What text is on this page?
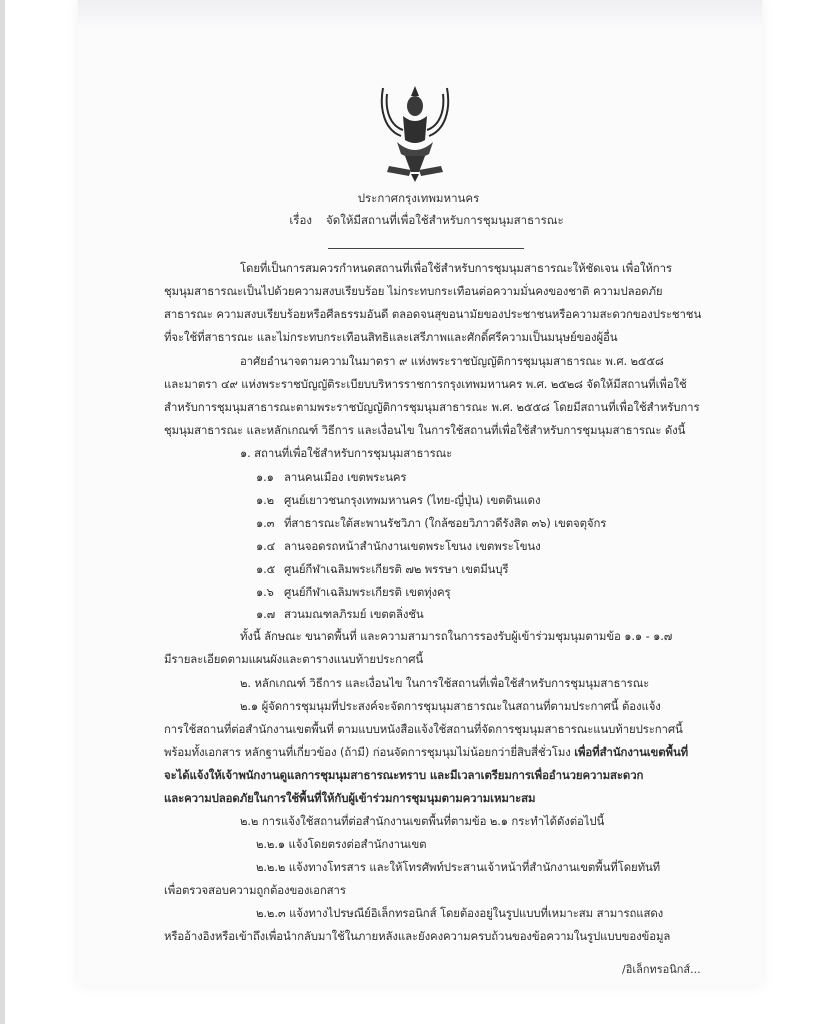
ประกาศกรุงเทพมหานคร
เรื่อง จัดให้มีสถานที่เพื่อใช้สำหรับการชุมนุมสาธารณะ
โดยที่เป็นการสมควรกำหนดสถานที่เพื่อใช้สำหรับการชุมนุมสาธารณะให้ชัดเจน เพื่อให้การ
ชุมนุมสาธารณะเป็นไปด้วยความสงบเรียบร้อย ไม่กระทบกระเทือนต่อความมั่นคงของชาติ ความปลอดภัย
สาธารณะ ความสงบเรียบร้อยหรือศีลธรรมอันดี ตลอดจนสุขอนามัยของประชาชนหรือความสะดวกของประชาชน
ที่จะใช้ที่สาธารณะ และไม่กระทบกระเทือนสิทธิและเสรีภาพและศักดิ์ศรีความเป็นมนุษย์ของผู้อื่น
อาศัยอำนาจตามความในมาตรา ๙ แห่งพระราชบัญญัติการชุมนุมสาธารณะ พ.ศ. ๒๕๕๘
และมาตรา ๔๙ แห่งพระราชบัญญัติระเบียบบริหารราชการกรุงเทพมหานคร พ.ศ. ๒๕๒๘ จัดให้มีสถานที่เพื่อใช้
สำหรับการชุมนุมสาธารณะตามพระราชบัญญัติการชุมนุมสาธารณะ พ.ศ. ๒๕๕๘ โดยมีสถานที่เพื่อใช้สำหรับการ
ชุมนุมสาธารณะ และหลักเกณฑ์ วิธีการ และเงื่อนไข ในการใช้สถานที่เพื่อใช้สำหรับการชุมนุมสาธารณะ ดังนี้
๑. สถานที่เพื่อใช้สำหรับการชุมนุมสาธารณะ
๑.๑ ลานคนเมือง เขตพระนคร
๑.๒ ศูนย์เยาวชนกรุงเทพมหานคร (ไทย-ญี่ปุ่น) เขตดินแดง
๑.๓ ที่สาธารณะใต้สะพานรัชวิภา (ใกล้ซอยวิภาวดีรังสิต ๓๖) เขตจตุจักร
๑.๔ ลานจอดรถหน้าสำนักงานเขตพระโขนง เขตพระโขนง
๑.๕ ศูนย์กีฬาเฉลิมพระเกียรติ ๗๒ พรรษา เขตมีนบุรี
๑.๖ ศูนย์กีฬาเฉลิมพระเกียรติ เขตทุ่งครุ
๑.๗ สวนมณฑลภิรมย์ เขตตลิ่งชัน
ทั้งนี้ ลักษณะ ขนาดพื้นที่ และความสามารถในการรองรับผู้เข้าร่วมชุมนุมตามข้อ ๑.๑ - ๑.๗
มีรายละเอียดตามแผนผังและตารางแนบท้ายประกาศนี้
๒. หลักเกณฑ์ วิธีการ และเงื่อนไข ในการใช้สถานที่เพื่อใช้สำหรับการชุมนุมสาธารณะ
๒.๑ ผู้จัดการชุมนุมที่ประสงค์จะจัดการชุมนุมสาธารณะในสถานที่ตามประกาศนี้ ต้องแจ้ง
การใช้สถานที่ต่อสำนักงานเขตพื้นที่ ตามแบบหนังสือแจ้งใช้สถานที่จัดการชุมนุมสาธารณะแนบท้ายประกาศนี้
พร้อมทั้งเอกสาร หลักฐานที่เกี่ยวข้อง (ถ้ามี) ก่อนจัดการชุมนุมไม่น้อยกว่ายี่สิบสี่ชั่วโมง เพื่อที่สำนักงานเขตพื้นที่
จะได้แจ้งให้เจ้าพนักงานดูแลการชุมนุมสาธารณะทราบ และมีเวลาเตรียมการเพื่ออำนวยความสะดวก
และความปลอดภัยในการใช้พื้นที่ให้กับผู้เข้าร่วมการชุมนุมตามความเหมาะสม
๒.๒ การแจ้งใช้สถานที่ต่อสำนักงานเขตพื้นที่ตามข้อ ๒.๑ กระทำได้ดังต่อไปนี้
๒.๒.๑ แจ้งโดยตรงต่อสำนักงานเขต
๒.๒.๒ แจ้งทางโทรสาร และให้โทรศัพท์ประสานเจ้าหน้าที่สำนักงานเขตพื้นที่โดยทันที
เพื่อตรวจสอบความถูกต้องของเอกสาร
๒.๒.๓ แจ้งทางไปรษณีย์อิเล็กทรอนิกส์ โดยต้องอยู่ในรูปแบบที่เหมาะสม สามารถแสดง
หรืออ้างอิงหรือเข้าถึงเพื่อนำกลับมาใช้ในภายหลังและยังคงความครบถ้วนของข้อความในรูปแบบของข้อมูล
/อิเล็กทรอนิกส์...
